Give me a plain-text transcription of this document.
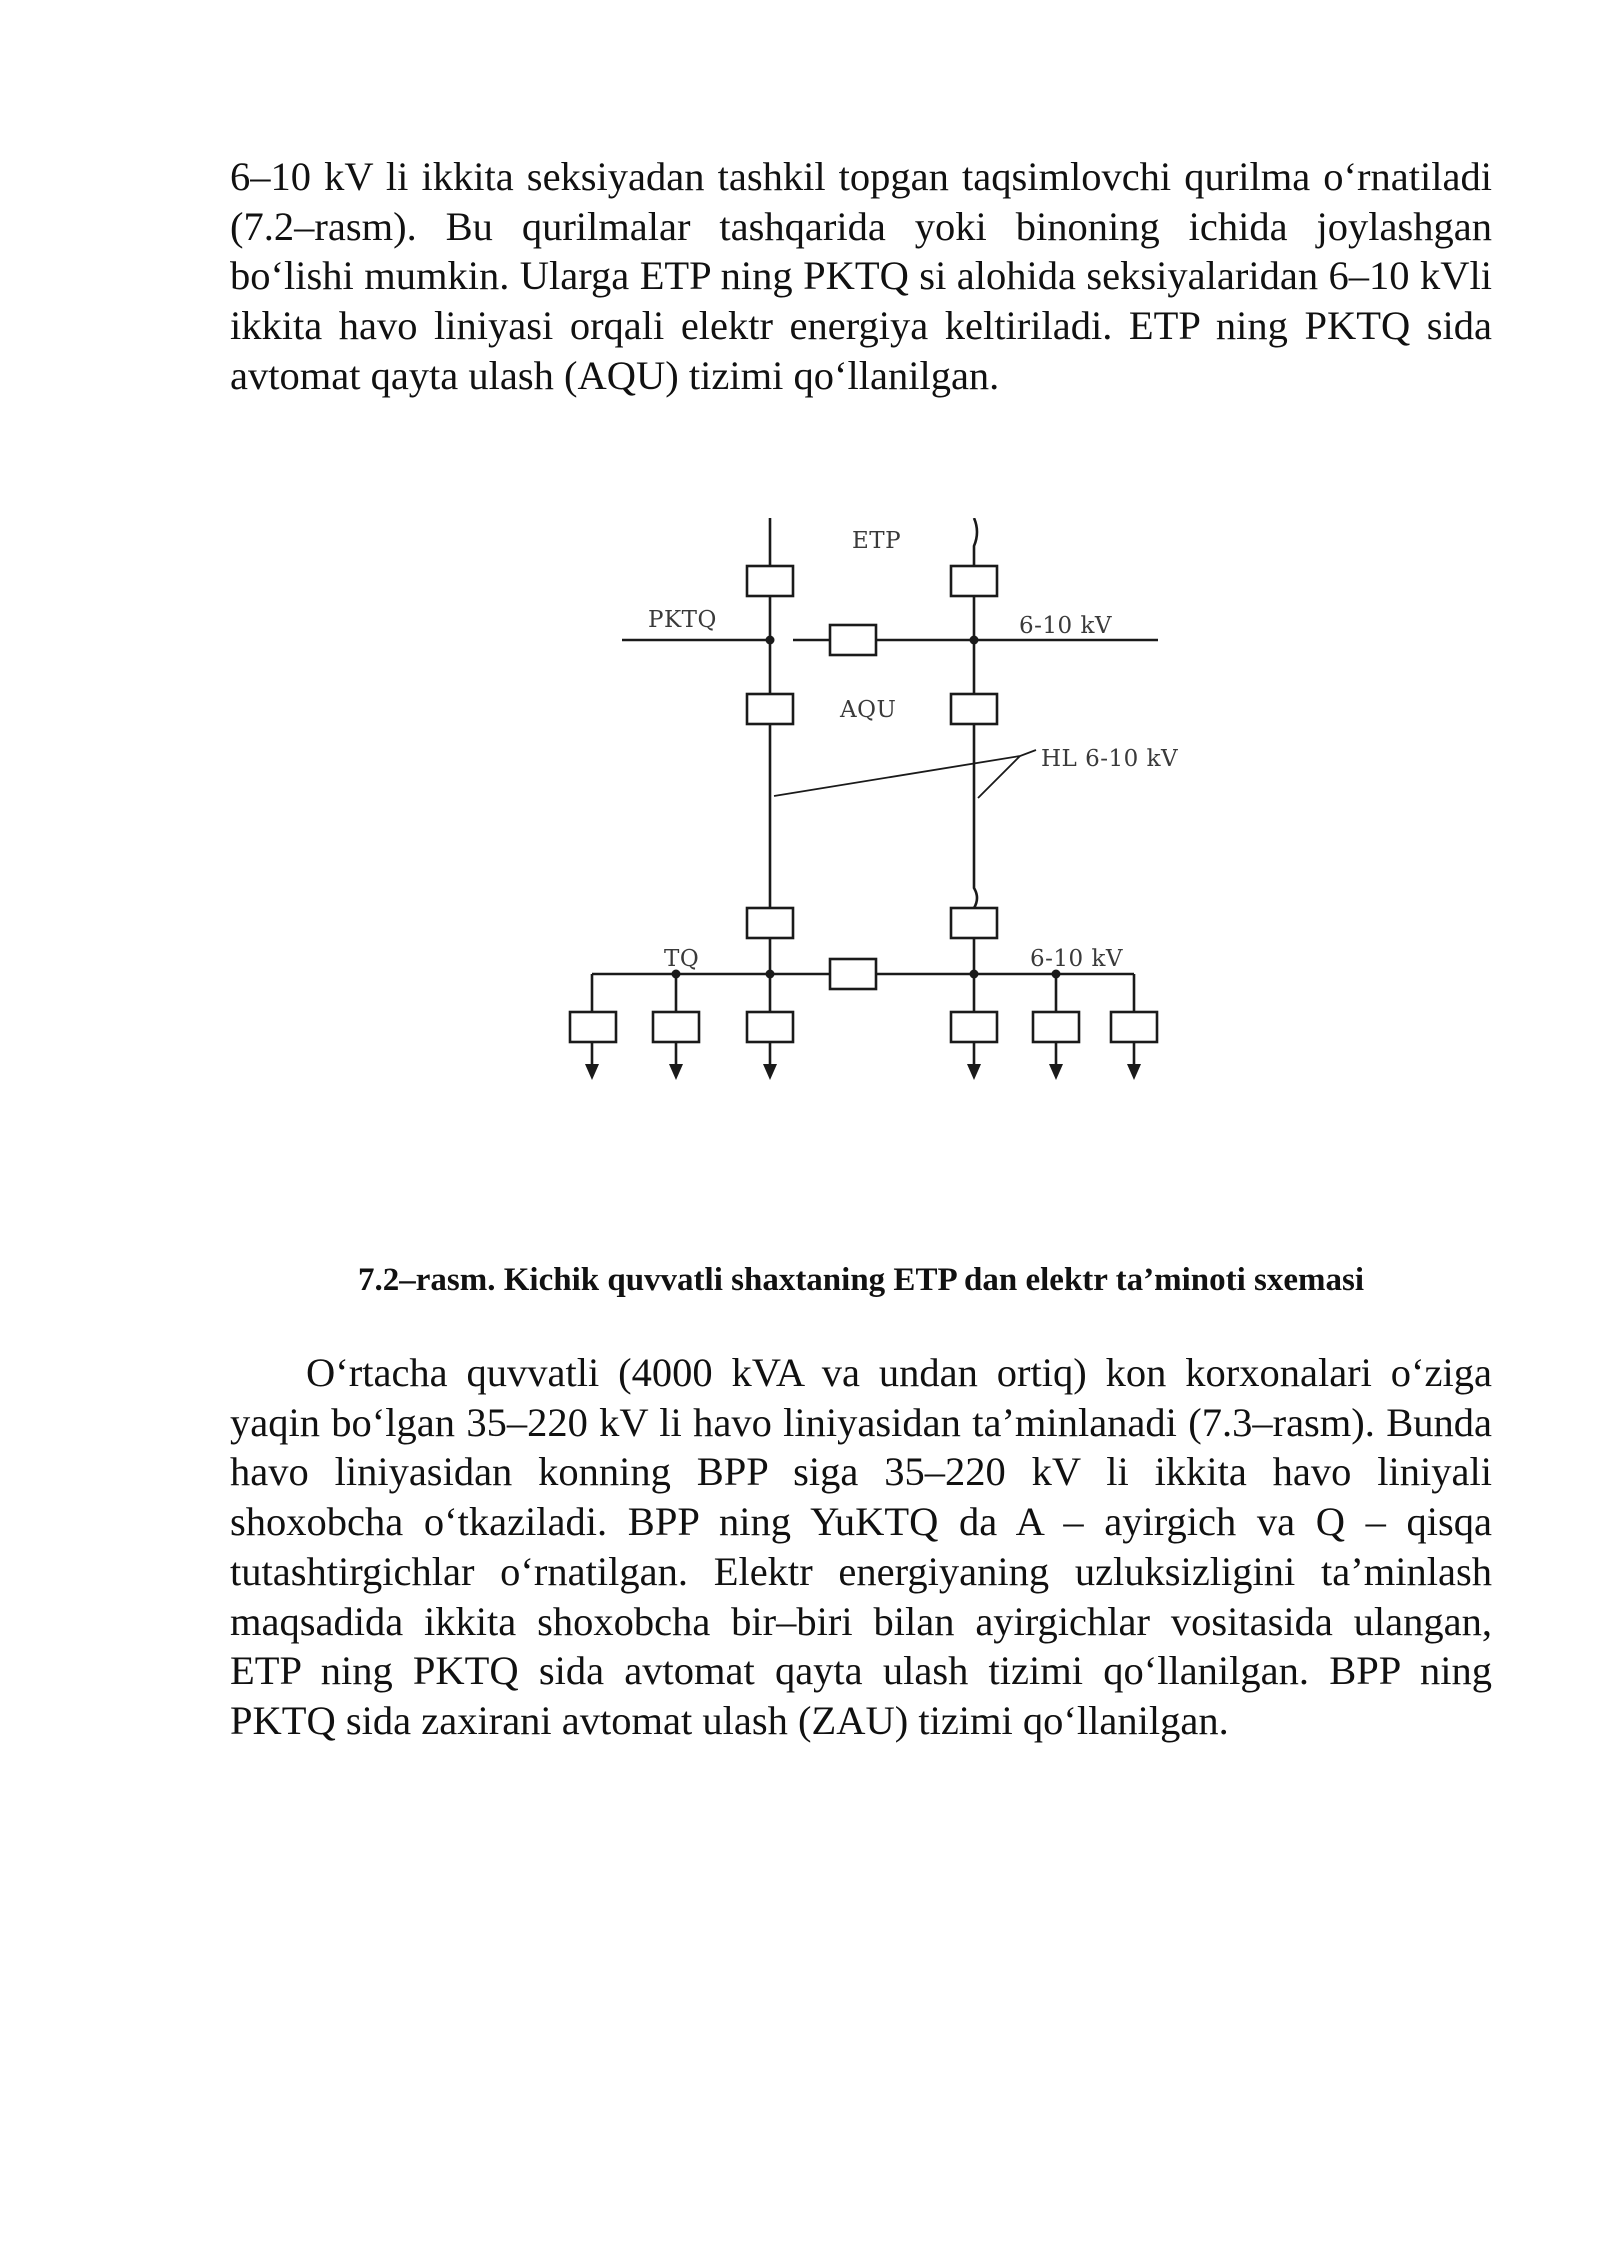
6–10 kV li ikkita seksiyadan tashkil topgan taqsimlovchi qurilma o‘rnatiladi (7.2–rasm). Bu qurilmalar tashqarida yoki binoning ichida joylashgan bo‘lishi mumkin. Ularga ETP ning PKTQ si alohida seksiyalaridan 6–10 kVli ikkita havo liniyasi orqali elektr energiya keltiriladi. ETP ning PKTQ sida avtomat qayta ulash (AQU) tizimi qo‘llanilgan.

ETP
PKTQ	6-10 kV
AQU
HL 6-10 kV
TQ	6-10 kV

7.2–rasm. Kichik quvvatli shaxtaning ETP dan elektr ta’minoti sxemasi

O‘rtacha quvvatli (4000 kVA va undan ortiq) kon korxonalari o‘ziga yaqin bo‘lgan 35–220 kV li havo liniyasidan ta’minlanadi (7.3–rasm). Bunda havo liniyasidan konning BPP siga 35–220 kV li ikkita havo liniyali shoxobcha o‘tkaziladi. BPP ning YuKTQ da A – ayirgich va Q – qisqa tutashtirgichlar o‘rnatilgan. Elektr energiyaning uzluksizligini ta’minlash maqsadida ikkita shoxobcha bir–biri bilan ayirgichlar vositasida ulangan, ETP ning PKTQ sida avtomat qayta ulash tizimi qo‘llanilgan. BPP ning PKTQ sida zaxirani avtomat ulash (ZAU) tizimi qo‘llanilgan.
